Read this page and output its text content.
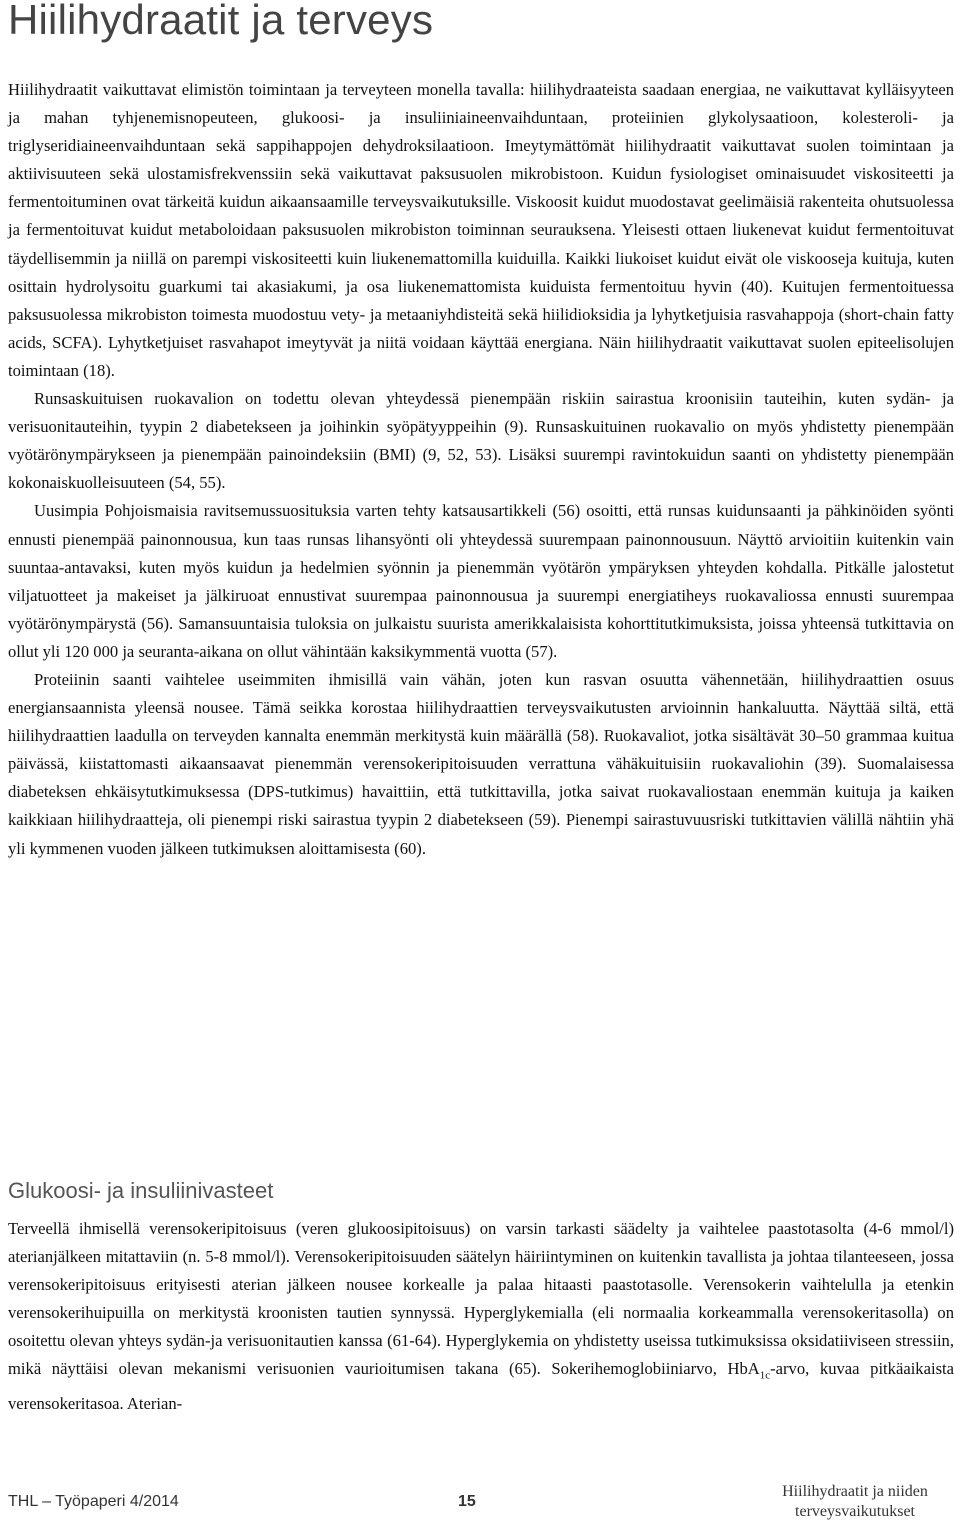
Hiilihydraatit ja terveys

Hiilihydraatit vaikuttavat elimistön toimintaan ja terveyteen monella tavalla: hiilihydraateista saadaan energiaa, ne vaikuttavat kylläisyyteen ja mahan tyhjenemisnopeuteen, glukoosi- ja insuliiniaineenvaihduntaan, proteiinien glykolysaatioon, kolesteroli- ja triglyseridiaineenvaihduntaan sekä sappihappojen dehydroksilaatioon. Imeytymättömät hiilihydraatit vaikuttavat suolen toimintaan ja aktiivisuuteen sekä ulostamisfrekvenssiin sekä vaikuttavat paksusuolen mikrobistoon. Kuidun fysiologiset ominaisuudet viskositeetti ja fermentoituminen ovat tärkeitä kuidun aikaansaamille terveysvaikutuksille. Viskoosit kuidut muodostavat geelimäisiä rakenteita ohutsuolessa ja fermentoituvat kuidut metaboloidaan paksusuolen mikrobiston toiminnan seurauksena. Yleisesti ottaen liukenevat kuidut fermentoituvat täydellisemmin ja niillä on parempi viskositeetti kuin liukenemattomilla kuiduilla. Kaikki liukoiset kuidut eivät ole viskooseja kuituja, kuten osittain hydrolysoitu guarkumi tai akasiakumi, ja osa liukenemattomista kuiduista fermentoituu hyvin (40). Kuitujen fermentoituessa paksusuolessa mikrobiston toimesta muodostuu vety- ja metaaniyhdisteitä sekä hiilidioksidia ja lyhytketjuisia rasvahappoja (short-chain fatty acids, SCFA). Lyhytketjuiset rasvahapot imeytyvät ja niitä voidaan käyttää energiana. Näin hiilihydraatit vaikuttavat suolen epiteelisolujen toimintaan (18).

Runsaskuituisen ruokavalion on todettu olevan yhteydessä pienempään riskiin sairastua kroonisiin tauteihin, kuten sydän- ja verisuonitauteihin, tyypin 2 diabetekseen ja joihinkin syöpätyyppeihin (9). Runsaskuituinen ruokavalio on myös yhdistetty pienempään vyötärönympärykseen ja pienempään painoindeksiin (BMI) (9, 52, 53). Lisäksi suurempi ravintokuidun saanti on yhdistetty pienempään kokonaiskuolleisuuteen (54, 55).

Uusimpia Pohjoismaisia ravitsemussuosituksia varten tehty katsausartikkeli (56) osoitti, että runsas kuidunsaanti ja pähkinöiden syönti ennusti pienempää painonnousua, kun taas runsas lihansyönti oli yhteydessä suurempaan painonnousuun. Näyttö arvioitiin kuitenkin vain suuntaa-antavaksi, kuten myös kuidun ja hedelmien syönnin ja pienemmän vyötärön ympäryksen yhteyden kohdalla. Pitkälle jalostetut viljatuotteet ja makeiset ja jälkiruoat ennustivat suurempaa painonnousua ja suurempi energiatiheys ruokavaliossa ennusti suurempaa vyötärönympärystä (56). Samansuuntaisia tuloksia on julkaistu suurista amerikkalaisista kohorttitutkimuksista, joissa yhteensä tutkittavia on ollut yli 120 000 ja seuranta-aikana on ollut vähintään kaksikymmentä vuotta (57).

Proteiinin saanti vaihtelee useimmiten ihmisillä vain vähän, joten kun rasvan osuutta vähennetään, hiilihydraattien osuus energiansaannista yleensä nousee. Tämä seikka korostaa hiilihydraattien terveysvaikutusten arvioinnin hankaluutta. Näyttää siltä, että hiilihydraattien laadulla on terveyden kannalta enemmän merkitystä kuin määrällä (58). Ruokavaliot, jotka sisältävät 30–50 grammaa kuitua päivässä, kiistattomasti aikaansaavat pienemmän verensokeripitoisuuden verrattuna vähäkuituisiin ruokavaliohin (39). Suomalaisessa diabeteksen ehkäisytutkimuksessa (DPS-tutkimus) havaittiin, että tutkittavilla, jotka saivat ruokavaliostaan enemmän kuituja ja kaiken kaikkiaan hiilihydraatteja, oli pienempi riski sairastua tyypin 2 diabetekseen (59). Pienempi sairastuvuusriski tutkittavien välillä nähtiin yhä yli kymmenen vuoden jälkeen tutkimuksen aloittamisesta (60).

Glukoosi- ja insuliinivasteet

Terveellä ihmisellä verensokeripitoisuus (veren glukoosipitoisuus) on varsin tarkasti säädelty ja vaihtelee paastotasolta (4-6 mmol/l) aterianjälkeen mitattaviin (n. 5-8 mmol/l). Verensokeripitoisuuden säätelyn häiriintyminen on kuitenkin tavallista ja johtaa tilanteeseen, jossa verensokeripitoisuus erityisesti aterian jälkeen nousee korkealle ja palaa hitaasti paastotasolle. Verensokerin vaihtelulla ja etenkin verensokerihuipuilla on merkitystä kroonisten tautien synnyssä. Hyperglykemialla (eli normaalia korkeammalla verensokeritasolla) on osoitettu olevan yhteys sydän-ja verisuonitautien kanssa (61-64). Hyperglykemia on yhdistetty useissa tutkimuksissa oksidatiiviseen stressiin, mikä näyttäisi olevan mekanismi verisuonien vaurioitumisen takana (65). Sokerihemoglobiiniarvo, HbA$_{1c}$-arvo, kuvaa pitkäaikaista verensokeritasoa. Aterian-

THL – Työpaperi 4/2014	15
Hiilihydraatit ja niiden
terveysvaikutukset
